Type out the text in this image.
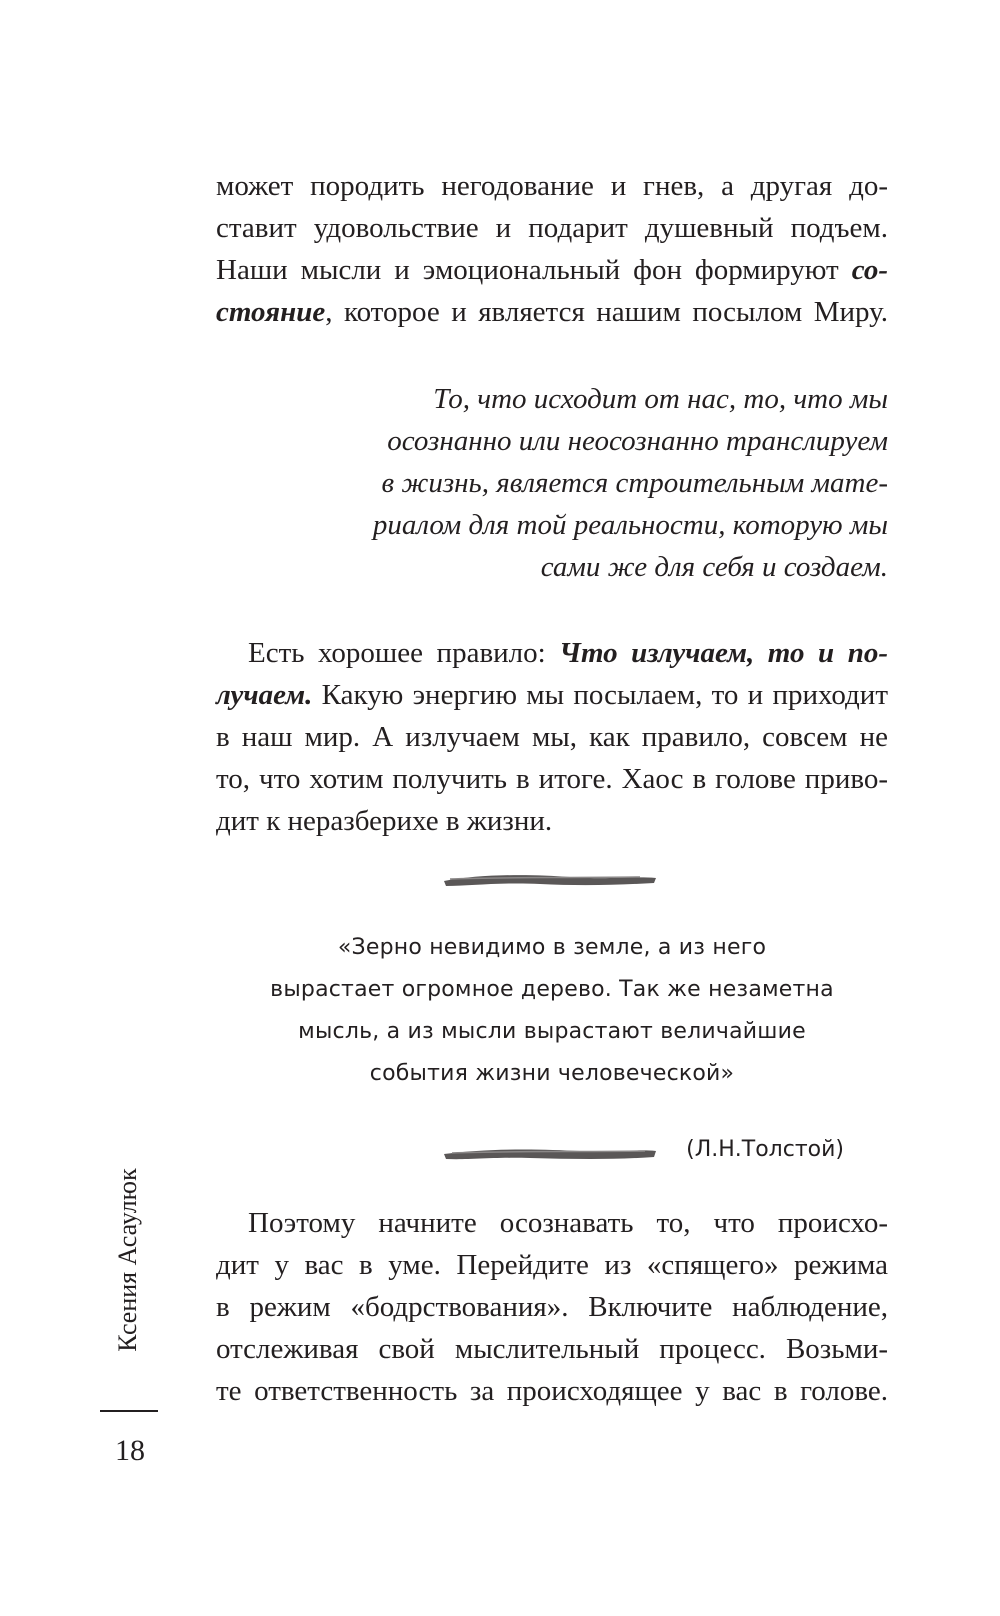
может породить негодование и гнев, а другая до-
ставит удовольствие и подарит душевный подъем.
Наши мысли и эмоциональный фон формируют со-
стояние, которое и является нашим посылом Миру.
То, что исходит от нас, то, что мы
осознанно или неосознанно транслируем
в жизнь, является строительным мате-
риалом для той реальности, которую мы
сами же для себя и создаем.
Есть хорошее правило: Что излучаем, то и по-
лучаем. Какую энергию мы посылаем, то и приходит
в наш мир. А излучаем мы, как правило, совсем не
то, что хотим получить в итоге. Хаос в голове приво-
дит к неразберихе в жизни.
«Зерно невидимо в земле, а из него
вырастает огромное дерево. Так же незаметна
мысль, а из мысли вырастают величайшие
события жизни человеческой»
(Л.Н.Толстой)
Поэтому начните осознавать то, что происхо-
дит у вас в уме. Перейдите из «спящего» режима
в режим «бодрствования». Включите наблюдение,
отслеживая свой мыслительный процесс. Возьми-
те ответственность за происходящее у вас в голове.
Ксения Асаулюк
18
